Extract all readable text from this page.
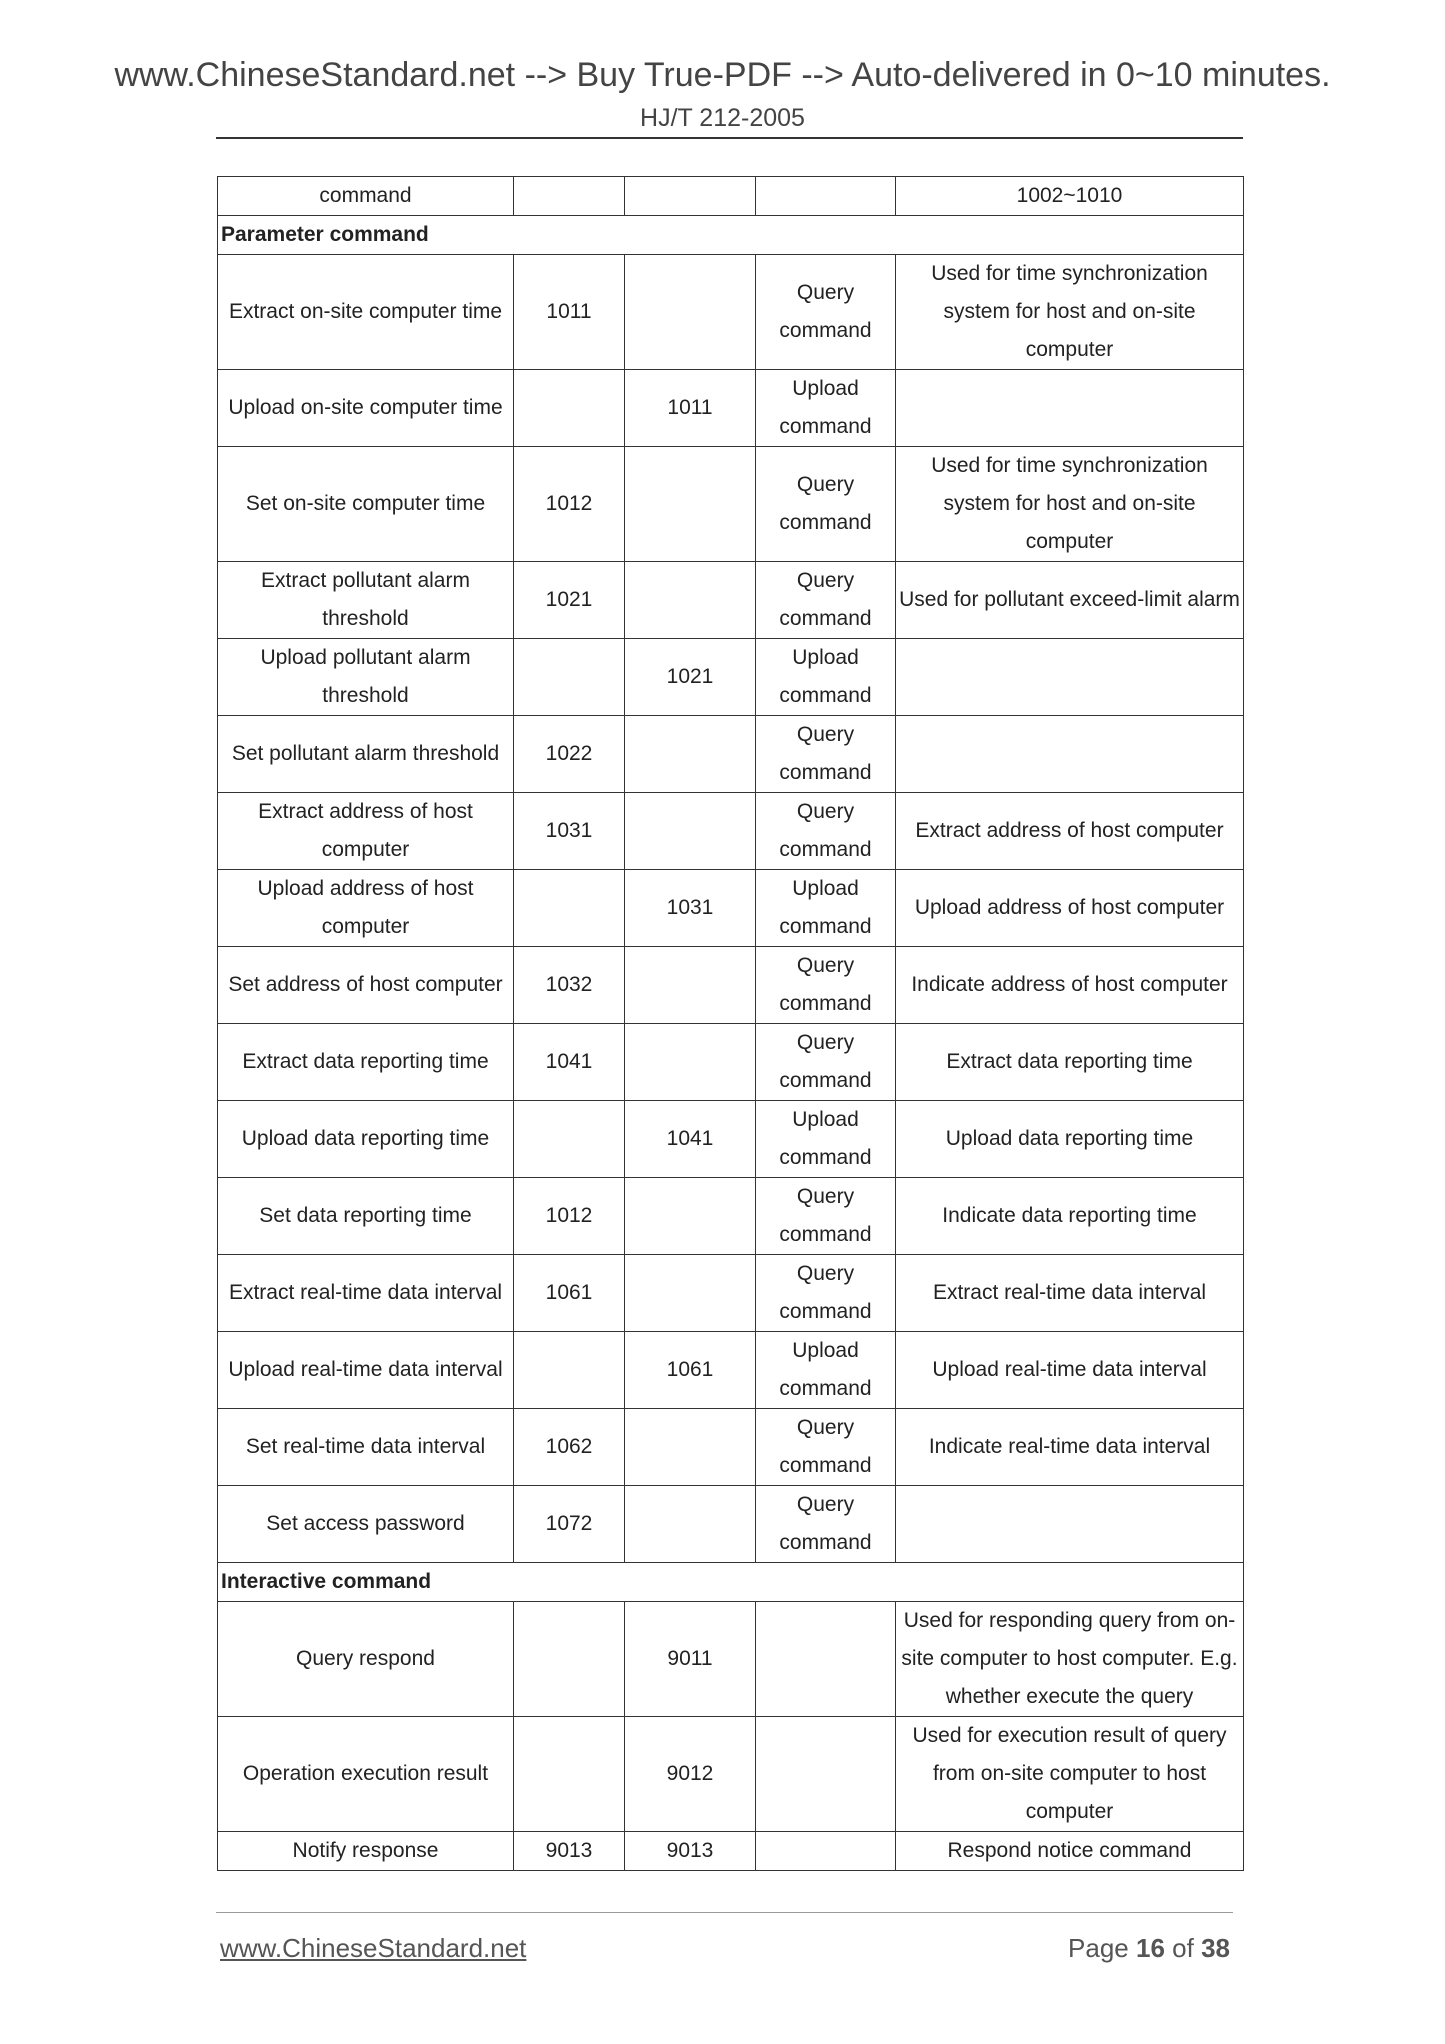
www.ChineseStandard.net --> Buy True-PDF --> Auto-delivered in 0~10 minutes.
HJ/T 212-2005
command				1002~1010
Parameter command				
Extract on-site computer time	1011		Query command	Used for time synchronization system for host and on-site computer
Upload on-site computer time		1011	Upload command	
Set on-site computer time	1012		Query command	Used for time synchronization system for host and on-site computer
Extract pollutant alarm threshold	1021		Query command	Used for pollutant exceed-limit alarm
Upload pollutant alarm threshold		1021	Upload command	
Set pollutant alarm threshold	1022		Query command	
Extract address of host computer	1031		Query command	Extract address of host computer
Upload address of host computer		1031	Upload command	Upload address of host computer
Set address of host computer	1032		Query command	Indicate address of host computer
Extract data reporting time	1041		Query command	Extract data reporting time
Upload data reporting time		1041	Upload command	Upload data reporting time
Set data reporting time	1012		Query command	Indicate data reporting time
Extract real-time data interval	1061		Query command	Extract real-time data interval
Upload real-time data interval		1061	Upload command	Upload real-time data interval
Set real-time data interval	1062		Query command	Indicate real-time data interval
Set access password	1072		Query command	
Interactive command				
Query respond		9011		Used for responding query from on-site computer to host computer. E.g. whether execute the query
Operation execution result		9012		Used for execution result of query from on-site computer to host computer
Notify response	9013	9013		Respond notice command
www.ChineseStandard.net	Page 16 of 38
